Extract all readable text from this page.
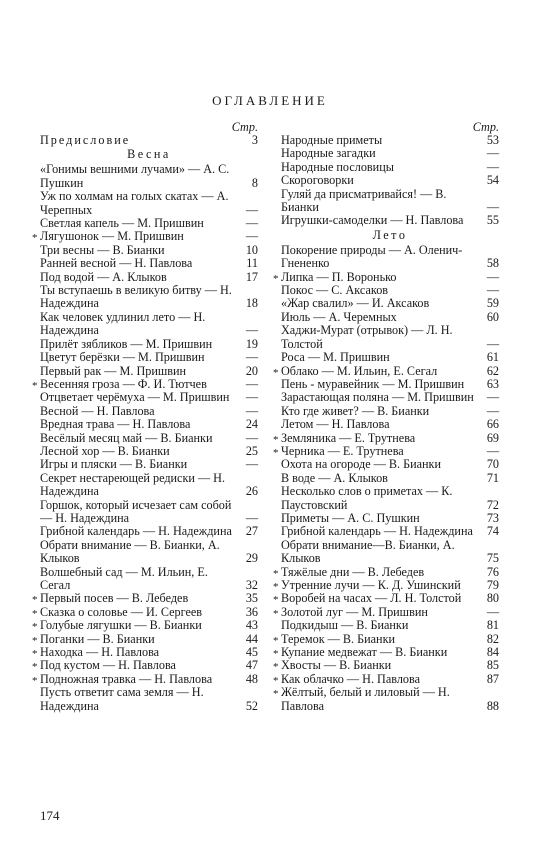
ОГЛАВЛЕНИЕ
Стр.
Предисловие	3
Весна
«Гонимы вешними лучами» — А. С. Пушкин	8
Уж по холмам на голых скатах — А. Черепных	—
Светлая капель — М. Пришвин	—
* Лягушонок — М. Пришвин	—
Три весны — В. Бианки	10
Ранней весной — Н. Павлова	11
Под водой — А. Клыков	17
Ты вступаешь в великую битву — Н. Надеждина	18
Как человек удлинил лето — Н. Надеждина	—
Прилёт зябликов — М. Пришвин	19
Цветут берёзки — М. Пришвин	—
Первый рак — М. Пришвин	20
* Весенняя гроза — Ф. И. Тютчев	—
Отцветает черёмуха — М. Пришвин	—
Весной — Н. Павлова	—
Вредная трава — Н. Павлова	24
Весёлый месяц май — В. Бианки	—
Лесной хор — В. Бианки	25
Игры и пляски — В. Бианки	—
Секрет нестареющей редиски — Н. Надеждина	26
Горшок, который исчезает сам собой — Н. Надеждина	—
Грибной календарь — Н. Надеждина	27
Обрати внимание — В. Бианки, А. Клыков	29
Волшебный сад — М. Ильин, Е. Сегал	32
* Первый посев — В. Лебедев	35
* Сказка о соловье — И. Сергеев	36
* Голубые лягушки — В. Бианки	43
* Поганки — В. Бианки	44
* Находка — Н. Павлова	45
* Под кустом — Н. Павлова	47
* Подножная травка — Н. Павлова	48
Пусть ответит сама земля — Н. Надеждина	52
Стр.
Народные приметы	53
Народные загадки	—
Народные пословицы	—
Скороговорки	54
Гуляй да присматривайся! — В. Бианки	—
Игрушки-самоделки — Н. Павлова	55
Лето
Покорение природы — А. Оленич-Гнененко	58
* Липка — П. Воронько	—
Покос — С. Аксаков	—
«Жар свалил» — И. Аксаков	59
Июль — А. Черемных	60
Хаджи-Мурат (отрывок) — Л. Н. Толстой	—
Роса — М. Пришвин	61
* Облако — М. Ильин, Е. Сегал	62
Пень - муравейник — М. Пришвин	63
Зарастающая поляна — М. Пришвин	—
Кто где живет? — В. Бианки	—
Летом — Н. Павлова	66
* Земляника — Е. Трутнева	69
* Черника — Е. Трутнева	—
Охота на огороде — В. Бианки	70
В воде — А. Клыков	71
Несколько слов о приметах — К. Паустовский	72
Приметы — А. С. Пушкин	73
Грибной календарь — Н. Надеждина	74
Обрати внимание—В. Бианки, А. Клыков	75
* Тяжёлые дни — В. Лебедев	76
* Утренние лучи — К. Д. Ушинский	79
* Воробей на часах — Л. Н. Толстой	80
* Золотой луг — М. Пришвин	—
Подкидыш — В. Бианки	81
* Теремок — В. Бианки	82
* Купание медвежат — В. Бианки	84
* Хвосты — В. Бианки	85
* Как облачко — Н. Павлова	87
* Жёлтый, белый и лиловый — Н. Павлова	88
174
